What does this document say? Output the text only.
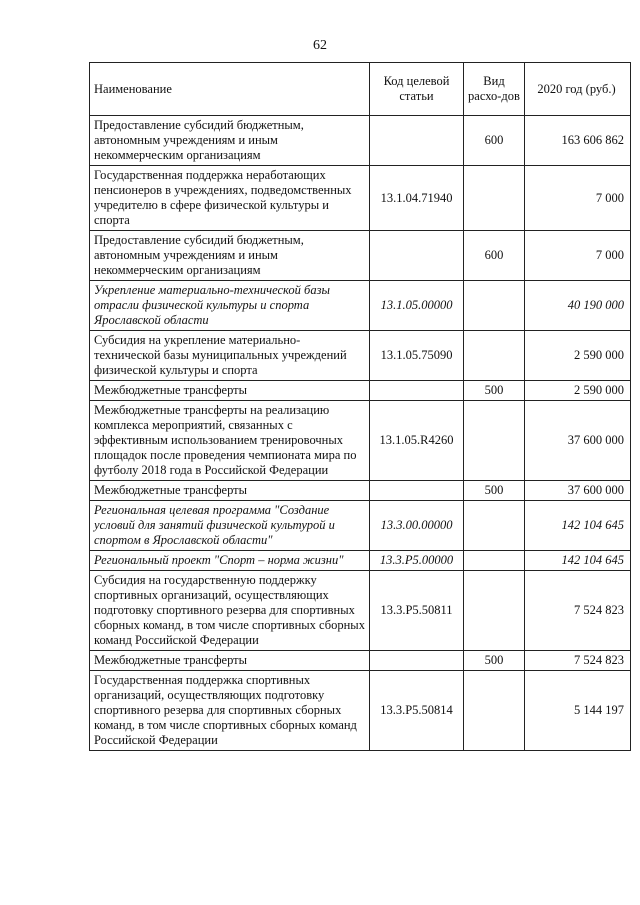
62
Наименование	Код целевой статьи	Вид расхо-дов	2020 год (руб.)
Предоставление субсидий бюджетным, автономным учреждениям и иным некоммерческим организациям		600	163 606 862
Государственная поддержка неработающих пенсионеров в учреждениях, подведомственных учредителю в сфере физической культуры и спорта	13.1.04.71940		7 000
Предоставление субсидий бюджетным, автономным учреждениям и иным некоммерческим организациям		600	7 000
Укрепление материально-технической базы отрасли физической культуры и спорта Ярославской области	13.1.05.00000		40 190 000
Субсидия на укрепление материально-технической базы муниципальных учреждений физической культуры и спорта	13.1.05.75090		2 590 000
Межбюджетные трансферты		500	2 590 000
Межбюджетные трансферты на реализацию комплекса мероприятий, связанных с эффективным использованием тренировочных площадок после проведения чемпионата мира по футболу 2018 года в Российской Федерации	13.1.05.R4260		37 600 000
Межбюджетные трансферты		500	37 600 000
Региональная целевая программа "Создание условий для занятий физической культурой и спортом в Ярославской области"	13.3.00.00000		142 104 645
Региональный проект "Спорт – норма жизни"	13.3.P5.00000		142 104 645
Субсидия на государственную поддержку спортивных организаций, осуществляющих подготовку спортивного резерва для спортивных сборных команд, в том числе спортивных сборных команд Российской Федерации	13.3.P5.50811		7 524 823
Межбюджетные трансферты		500	7 524 823
Государственная поддержка спортивных организаций, осуществляющих подготовку спортивного резерва для спортивных сборных команд, в том числе спортивных сборных команд Российской Федерации	13.3.P5.50814		5 144 197
